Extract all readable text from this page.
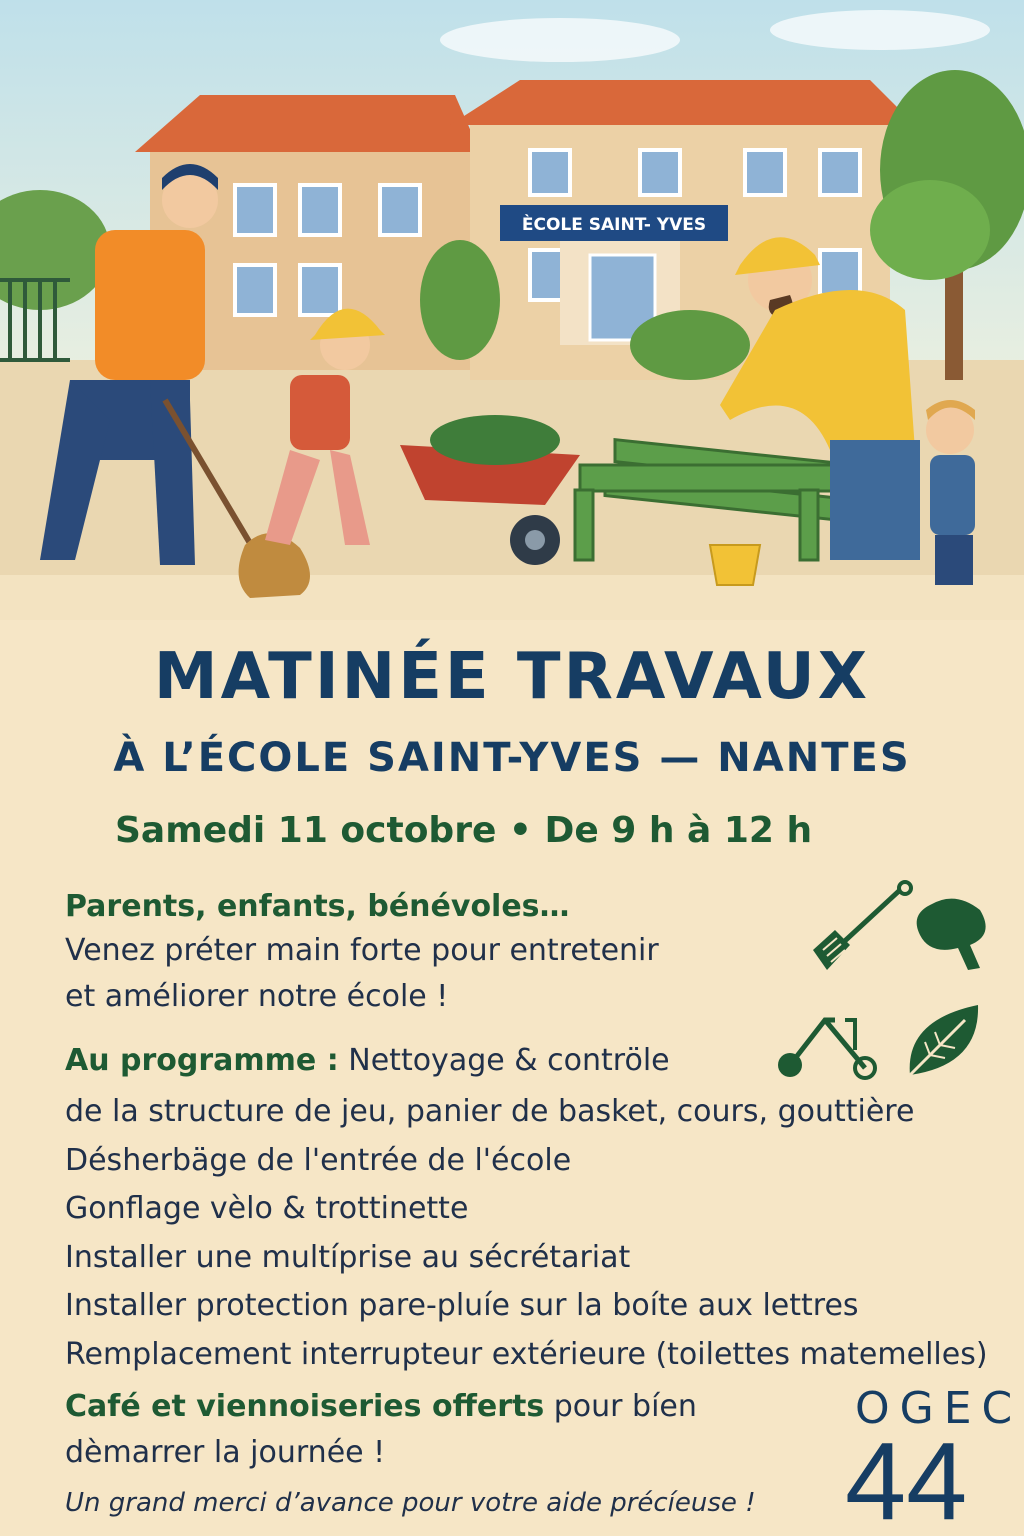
ÈCOLE SAINT- YVES
MATINÉE TRAVAUX
À L’ÉCOLE SAINT-YVES — NANTES
Samedi 11 octobre • De 9 h à 12 h
Parents, enfants, bénévoles…
Venez préter main forte pour entretenir
et améliorer notre école !
Au programme : Nettoyage & contröle
de la structure de jeu, panier de basket, cours, gouttière
Désherbäge de l'entrée de l'école
Gonflage vèlo & trottinette
Installer une multíprise au sécrétariat
Installer protection pare-pluíe sur la boíte aux lettres
Remplacement interrupteur extérieure (toilettes matemelles)
Café et viennoiseries offerts pour bíen
dèmarrer la journée !
Un grand merci d’avance pour votre aide précíeuse !
OGEC
44
